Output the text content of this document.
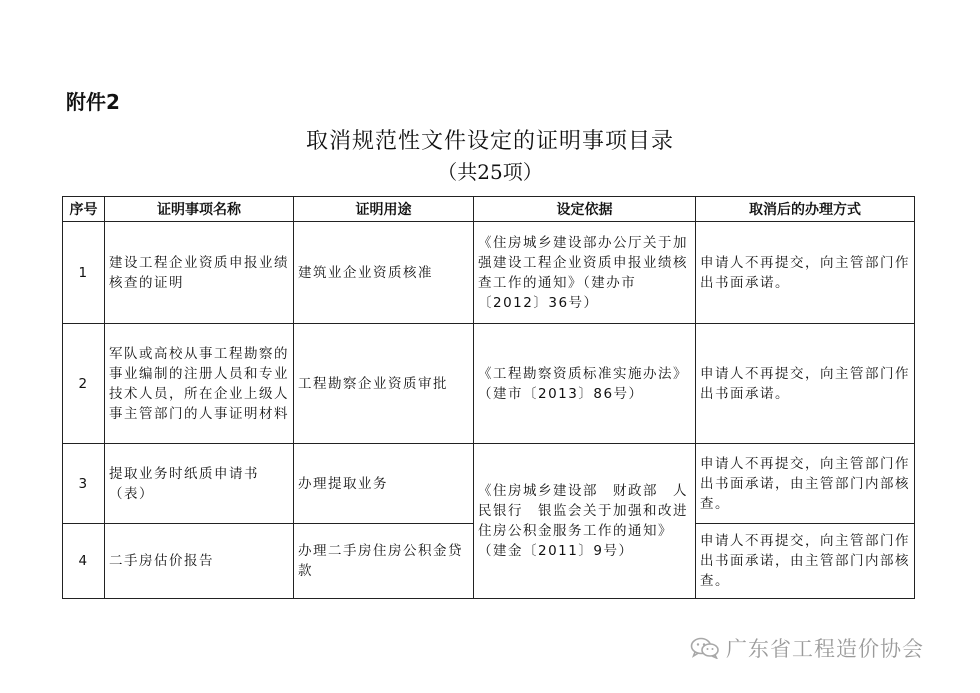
附件2
取消规范性文件设定的证明事项目录
（共25项）
序号	证明事项名称	证明用途	设定依据	取消后的办理方式
1	建设工程企业资质申报业绩核查的证明	建筑业企业资质核准	《住房城乡建设部办公厅关于加强建设工程企业资质申报业绩核查工作的通知》（建办市〔2012〕36号）	申请人不再提交，向主管部门作出书面承诺。
2	军队或高校从事工程勘察的事业编制的注册人员和专业技术人员，所在企业上级人事主管部门的人事证明材料	工程勘察企业资质审批	《工程勘察资质标准实施办法》（建市〔2013〕86号）	申请人不再提交，向主管部门作出书面承诺。
3	提取业务时纸质申请书（表）	办理提取业务	《住房城乡建设部　财政部　人民银行　银监会关于加强和改进住房公积金服务工作的通知》（建金〔2011〕9号）	申请人不再提交，向主管部门作出书面承诺，由主管部门内部核查。
4	二手房估价报告	办理二手房住房公积金贷款		申请人不再提交，向主管部门作出书面承诺，由主管部门内部核查。
广东省工程造价协会
